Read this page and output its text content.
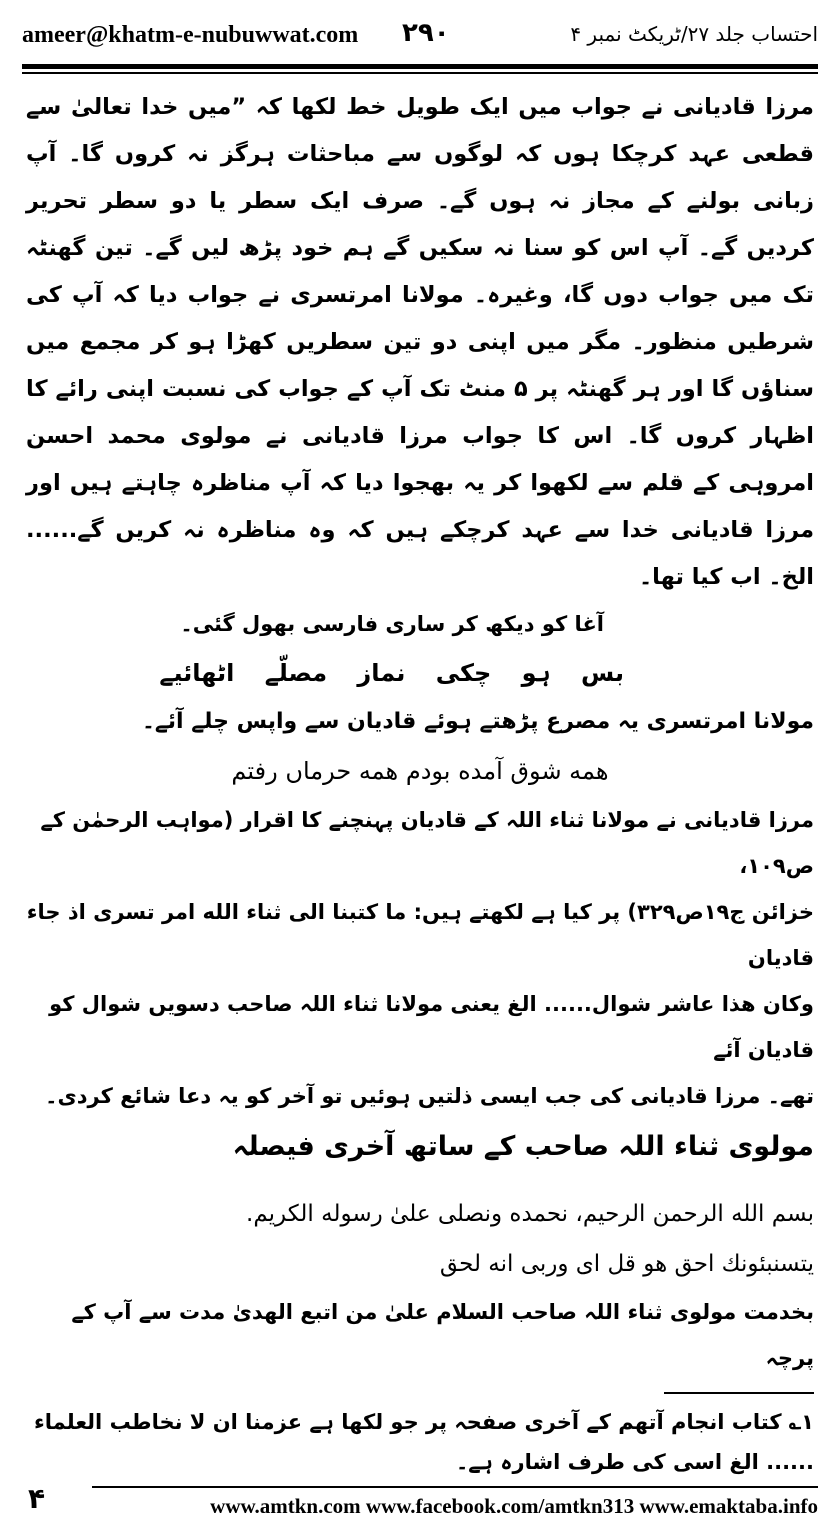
ameer@khatm-e-nubuwwat.com ۲۹۰	احتساب جلد ۲۷/ٹریکٹ نمبر ۴

مرزا قادیانی نے جواب میں ایک طویل خط لکھا کہ ”میں خدا تعالیٰ سے قطعی عہد کرچکا ہوں کہ لوگوں سے مباحثات ہرگز نہ کروں گا۔ آپ زبانی بولنے کے مجاز نہ ہوں گے۔ صرف ایک سطر یا دو سطر تحریر کردیں گے۔ آپ اس کو سنا نہ سکیں گے ہم خود پڑھ لیں گے۔ تین گھنٹہ تک میں جواب دوں گا، وغیرہ۔ مولانا امرتسری نے جواب دیا کہ آپ کی شرطیں منظور۔ مگر میں اپنی دو تین سطریں کھڑا ہو کر مجمع میں سناؤں گا اور ہر گھنٹہ پر ۵ منٹ تک آپ کے جواب کی نسبت اپنی رائے کا اظہار کروں گا۔ اس کا جواب مرزا قادیانی نے مولوی محمد احسن امروہی کے قلم سے لکھوا کر یہ بھجوا دیا کہ آپ مناظرہ چاہتے ہیں اور مرزا قادیانی خدا سے عہد کرچکے ہیں کہ وہ مناظرہ نہ کریں گے...... الخ۔ اب کیا تھا۔

آغا کو دیکھ کر ساری فارسی بھول گئی۔

بس ہو چکی نماز مصلّے اٹھائیے

مولانا امرتسری یہ مصرع پڑھتے ہوئے قادیان سے واپس چلے آئے۔

همه شوق آمده بودم همه حرماں رفتم

مرزا قادیانی نے مولانا ثناء اللہ کے قادیان پہنچنے کا اقرار (مواہب الرحمٰن کے ص۱۰۹،

خزائن ج۱۹ص۳۲۹) پر کیا ہے لکھتے ہیں: ما کتبنا الی ثناء الله امر تسری اذ جاء قادیان

وکان هذا عاشر شوال...... الغ یعنی مولانا ثناء اللہ صاحب دسویں شوال کو قادیان آئے

تھے۔ مرزا قادیانی کی جب ایسی ذلتیں ہوئیں تو آخر کو یہ دعا شائع کردی۔

مولوی ثناء اللہ صاحب کے ساتھ آخری فیصلہ

بسم الله الرحمن الرحیم، نحمده ونصلی علیٰ رسوله الکریم.

یتسنبئونك احق هو قل ای وربی انه لحق

بخدمت مولوی ثناء اللہ صاحب السلام علیٰ من اتبع الهدیٰ مدت سے آپ کے پرچہ

۱؎ کتاب انجام آتھم کے آخری صفحہ پر جو لکھا ہے عزمنا ان لا نخاطب العلماء
...... الغ اسی کی طرف اشارہ ہے۔
۴	www.amtkn.com www.facebook.com/amtkn313 www.emaktaba.info
